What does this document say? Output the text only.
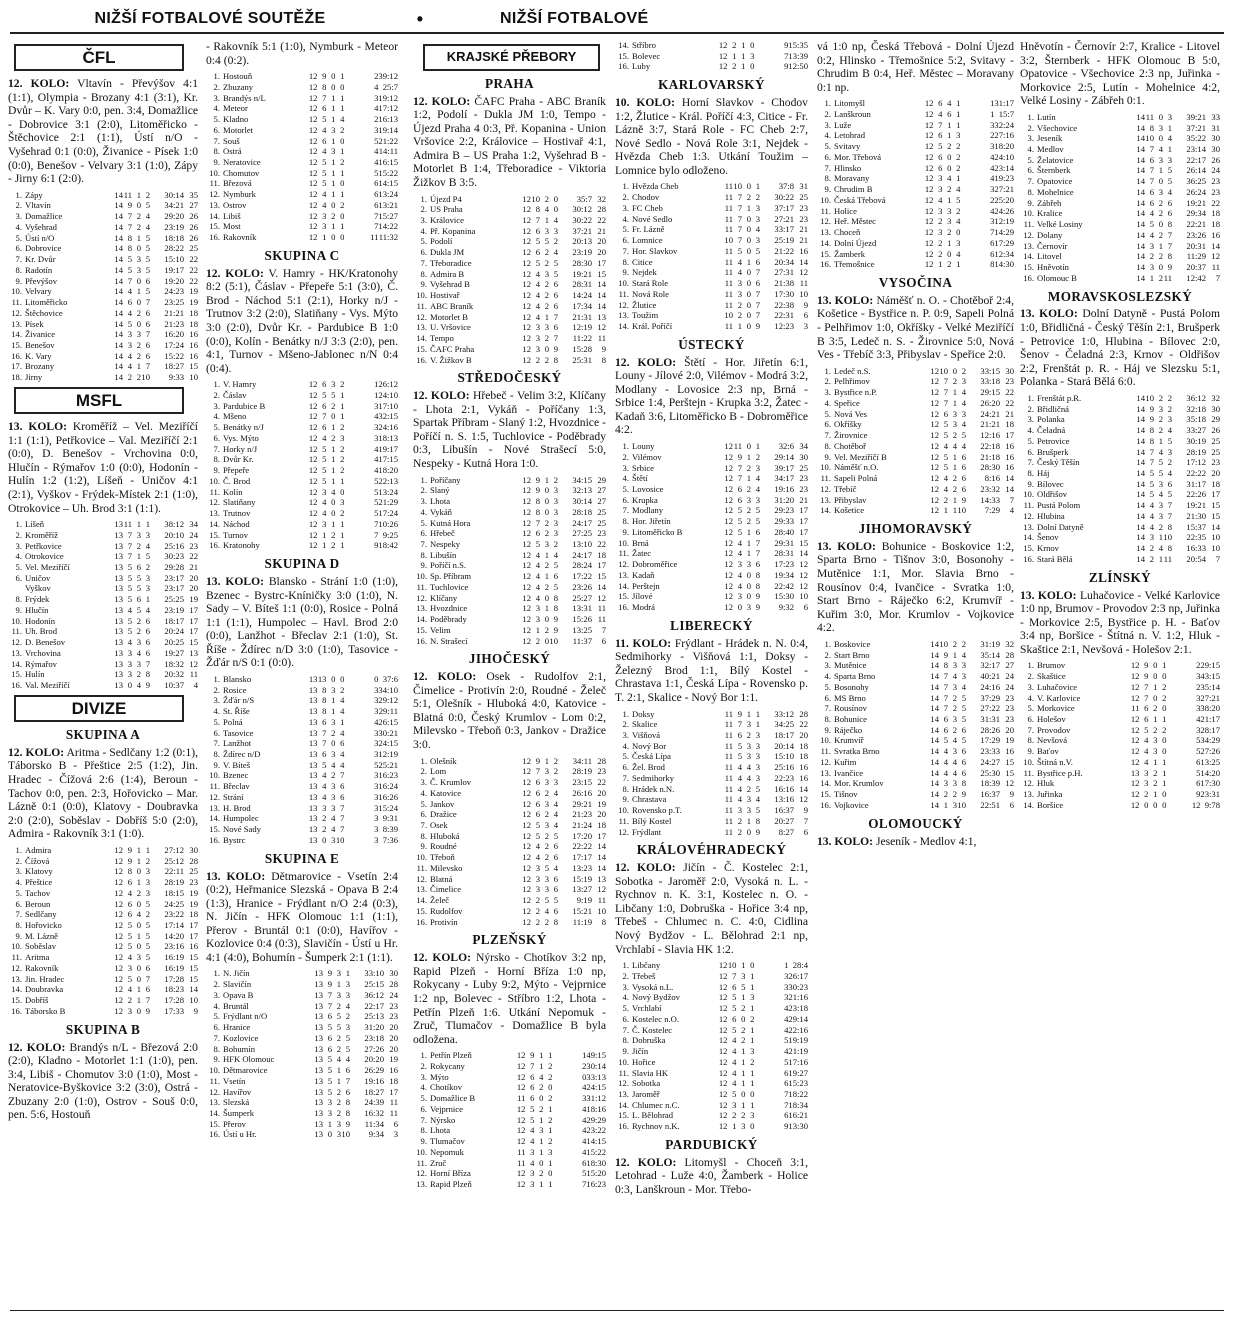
NIŽŠÍ FOTBALOVÉ SOUTĚŽE	•	NIŽŠÍ FOTBALOVÉ
ČFL

12. KOLO: Vltavín - Převýšov 4:1 (1:1), Olympia - Brozany 4:1 (3:1), Kr. Dvůr – K. Vary 0:0, pen. 3:4, Domažlice - Dobrovice 3:1 (2:0), Litoměřicko - Štěchovice 2:1 (1:1), Ústí n/O - Vyšehrad 0:1 (0:0), Živanice - Písek 1:0 (0:0), Benešov - Velvary 3:1 (1:0), Zápy - Jirny 6:1 (2:0).

1.	Zápy	14	11	1	2	30:14	35
2.	Vltavín	14	9	0	5	34:21	27
3.	Domažlice	14	7	2	4	29:20	26
4.	Vyšehrad	14	7	2	4	23:19	26
5.	Ústí n/O	14	8	1	5	18:18	26
6.	Dobrovice	14	8	0	5	28:22	25
7.	Kr. Dvůr	14	5	3	5	15:10	22
8.	Radotín	14	5	3	5	19:17	22
9.	Převýšov	14	7	0	6	19:20	22
10.	Velvary	14	4	1	5	24:23	19
11.	Litoměřicko	14	6	0	7	23:25	19
12.	Štěchovice	14	4	2	6	21:21	18
13.	Písek	14	5	0	6	21:23	18
14.	Živanice	14	3	3	7	16:20	16
15.	Benešov	14	3	2	6	17:24	16
16.	K. Vary	14	4	2	6	15:22	16
17.	Brozany	14	4	1	7	18:27	15
18.	Jirny	14	2	2	10	9:33	10
MSFL

13. KOLO: Kroměříž – Vel. Meziříčí 1:1 (1:1), Petřkovice – Val. Meziříčí 2:1 (0:0), D. Benešov - Vrchovina 0:0, Hlučín - Rýmařov 1:0 (0:0), Hodonín - Hulín 1:2 (1:2), Líšeň - Uničov 4:1 (2:1), Vyškov - Frýdek-Místek 2:1 (1:0), Otrokovice – Uh. Brod 3:1 (1:1).

1.	Líšeň	13	11	1	1	38:12	34
2.	Kroměříž	13	7	3	3	20:10	24
3.	Petřkovice	13	7	2	4	25:16	23
4.	Otrokovice	13	7	1	5	30:23	22
5.	Vel. Meziříčí	13	5	6	2	29:28	21
6.	Uničov	13	5	5	3	23:17	20
	Vyškov	13	5	5	3	23:17	20
8.	Frýdek	13	5	6	1	25:25	19
9.	Hlučín	13	4	5	4	23:19	17
10.	Hodonín	13	5	2	6	18:17	17
11.	Uh. Brod	13	5	2	6	20:24	17
12.	D. Benešov	13	4	3	6	20:25	15
13.	Vrchovina	13	3	4	6	19:27	13
14.	Rýmařov	13	3	3	7	18:32	12
15.	Hulín	13	3	2	8	20:32	11
16.	Val. Meziříčí	13	0	4	9	10:37	4
DIVIZE
SKUPINA A

12. KOLO: Aritma - Sedlčany 1:2 (0:1), Táborsko B - Přeštice 2:5 (1:2), Jin. Hradec - Čížová 2:6 (1:4), Beroun - Tachov 0:0, pen. 2:3, Hořovicko – Mar. Lázně 0:1 (0:0), Klatovy - Doubravka 2:0 (2:0), Soběslav - Dobříš 5:0 (2:0), Admira - Rakovník 3:1 (1:0).

1.	Admira	12	9	1	1	27:12	30
2.	Čížová	12	9	1	2	25:12	28
3.	Klatovy	12	8	0	3	22:11	25
4.	Přeštice	12	6	1	3	28:19	23
5.	Tachov	12	4	2	3	18:15	19
6.	Beroun	12	6	0	5	24:25	19
7.	Sedlčany	12	6	4	2	23:22	18
8.	Hořovicko	12	5	0	5	17:14	17
9.	M. Lázně	12	5	1	5	14:20	17
10.	Soběslav	12	5	0	5	23:16	16
11.	Aritma	12	4	3	5	16:19	15
12.	Rakovník	12	3	0	6	16:19	15
13.	Jin. Hradec	12	5	0	7	17:28	15
14.	Doubravka	12	4	1	6	18:23	14
15.	Dobříš	12	2	1	7	17:28	10
16.	Táborsko B	12	3	0	9	17:33	9
SKUPINA B

12. KOLO: Brandýs n/L - Březová 2:0 (2:0), Kladno - Motorlet 1:1 (1:0), pen. 3:4, Libiš - Chomutov 3:0 (1:0), Most - Neratovice-Byškovice 3:2 (3:0), Ostrá - Zbuzany 2:0 (1:0), Ostrov - Souš 0:0, pen. 5:6, Hostouň

- Rakovník 5:1 (1:0), Nymburk - Meteor 0:4 (0:2).

1.	Hostouň	12	9	0	1	2	39:12
2.	Zbuzany	12	8	0	0	4	25:7
3.	Brandýs n/L	12	7	1	1	3	19:12
4.	Meteor	12	6	1	1	4	17:12
5.	Kladno	12	5	1	4	2	16:13
6.	Motorlet	12	4	3	2	3	19:14
7.	Souš	12	6	1	0	5	21:22
8.	Ostrá	12	4	3	1	4	14:11
9.	Neratovice	12	5	1	2	4	16:15
10.	Chomutov	12	5	1	1	5	15:22
11.	Březová	12	5	1	0	6	14:15
12.	Nymburk	12	4	1	1	6	13:24
13.	Ostrov	12	4	0	2	6	13:21
14.	Libiš	12	3	2	0	7	15:27
15.	Most	12	3	1	1	7	14:22
16.	Rakovník	12	1	0	0	11	11:32
SKUPINA C

12. KOLO: V. Hamry - HK/Kratonohy 8:2 (5:1), Čáslav - Přepeře 5:1 (3:0), Č. Brod - Náchod 5:1 (2:1), Horky n/J - Trutnov 3:2 (2:0), Slatiňany - Vys. Mýto 3:0 (2:0), Dvůr Kr. - Pardubice B 1:0 (0:0), Kolín - Benátky n/J 3:3 (2:0), pen. 4:1, Turnov - Mšeno-Jablonec n/N 0:4 (0:4).

1.	V. Hamry	12	6	3	2	1	26:12
2.	Čáslav	12	5	5	1	1	24:10
3.	Pardubice B	12	6	2	1	3	17:10
4.	Mšeno	12	7	0	1	4	32:15
5.	Benátky n/J	12	6	1	2	3	24:16
6.	Vys. Mýto	12	4	2	3	3	18:13
7.	Horky n/J	12	5	1	2	4	19:17
8.	Dvůr Kr.	12	5	1	2	4	17:15
9.	Přepeře	12	5	1	2	4	18:20
10.	Č. Brod	12	5	1	1	5	22:13
11.	Kolín	12	3	4	0	5	13:24
12.	Slatiňany	12	4	0	3	5	21:29
13.	Trutnov	12	4	0	2	5	17:24
14.	Náchod	12	3	1	1	7	10:26
15.	Turnov	12	1	2	1	7	9:25
16.	Kratonohy	12	1	2	1	9	18:42
SKUPINA D

13. KOLO: Blansko - Strání 1:0 (1:0), Bzenec - Bystrc-Kníničky 3:0 (1:0), N. Sady – V. Bíteš 1:1 (0:0), Rosice - Polná 1:1 (1:1), Humpolec – Havl. Brod 2:0 (0:0), Lanžhot - Břeclav 2:1 (1:0), St. Říše - Ždírec n/D 3:0 (1:0), Tasovice - Žďár n/S 0:1 (0:0).

1.	Blansko	13	13	0	0	0	37:6
2.	Rosice	13	8	3	2	3	34:10
3.	Žďár n/S	13	8	1	4	3	29:12
4.	St. Říše	13	8	1	4	3	29:11
5.	Polná	13	6	3	1	4	26:15
6.	Tasovice	13	7	2	4	3	30:21
7.	Lanžhot	13	7	0	6	3	24:15
8.	Ždírec n/D	13	6	3	4	3	12:19
9.	V. Bíteš	13	5	4	4	5	25:21
10.	Bzenec	13	4	2	7	3	16:23
11.	Břeclav	13	4	3	6	3	16:24
12.	Strání	13	4	3	6	3	16:26
13.	H. Brod	13	3	3	7	3	15:24
14.	Humpolec	13	2	4	7	3	9:31
15.	Nové Sady	13	2	4	7	3	8:39
16.	Bystrc	13	0	3	10	3	7:36
SKUPINA E

13. KOLO: Dětmarovice - Vsetín 2:4 (0:2), Heřmanice Slezská - Opava B 2:4 (1:3), Hranice - Frýdlant n/O 2:4 (0:3), N. Jičín - HFK Olomouc 1:1 (1:1), Přerov - Bruntál 0:1 (0:0), Havířov - Kozlovice 0:4 (0:3), Slavičín - Ústí u Hr. 4:1 (4:0), Bohumín - Šumperk 2:1 (1:1).

1.	N. Jičín	13	9	3	1	33:10	30
2.	Slavičín	13	9	1	3	25:15	28
3.	Opava B	13	7	3	3	36:12	24
4.	Bruntál	13	7	2	4	22:17	23
5.	Frýdlant n/O	13	6	5	2	25:13	23
6.	Hranice	13	5	5	3	31:20	20
7.	Kozlovice	13	6	2	5	23:18	20
8.	Bohumín	13	6	2	5	27:26	20
9.	HFK Olomouc	13	5	4	4	20:20	19
10.	Dětmarovice	13	5	1	6	26:29	16
11.	Vsetín	13	5	1	7	19:16	18
12.	Havířov	13	5	2	6	18:27	17
13.	Slezská	13	3	2	8	24:39	11
14.	Šumperk	13	3	2	8	16:32	11
15.	Přerov	13	1	3	9	11:34	6
16.	Ústí u Hr.	13	0	3	10	9:34	3
KRAJSKÉ PŘEBORY
PRAHA

12. KOLO: ČAFC Praha - ABC Braník 1:2, Podolí - Dukla JM 1:0, Tempo - Újezd Praha 4 0:3, Př. Kopanina - Union Vršovice 2:2, Královice – Hostivař 4:1, Admira B – US Praha 1:2, Vyšehrad B - Motorlet B 1:4, Třeboradice - Viktoria Žižkov B 3:5.

1.	Újezd P4	12	10	2	0	35:7	32
2.	US Praha	12	8	4	0	30:12	28
3.	Královice	12	7	1	4	30:22	22
4.	Př. Kopanina	12	6	3	3	37:21	21
5.	Podolí	12	5	5	2	20:13	20
6.	Dukla JM	12	6	2	4	23:19	20
7.	Třeboradice	12	5	2	5	28:30	17
8.	Admira B	12	4	3	5	19:21	15
9.	Vyšehrad B	12	4	2	6	28:31	14
10.	Hostivař	12	4	2	6	14:24	14
11.	ABC Braník	12	4	2	6	17:34	14
12.	Motorlet B	12	4	1	7	21:31	13
13.	U. Vršovice	12	3	3	6	12:19	12
14.	Tempo	12	3	2	7	11:22	11
15.	ČAFC Praha	12	3	0	9	15:28	9
16.	V. Žižkov B	12	2	2	8	25:31	8
STŘEDOČESKÝ

12. KOLO: Hřebeč - Velim 3:2, Klíčany - Lhota 2:1, Vykáň - Poříčany 1:3, Spartak Příbram - Slaný 1:2, Hvozdnice - Poříčí n. S. 1:5, Tuchlovice - Poděbrady 0:3, Libušín - Nové Strašecí 5:0, Nespeky - Kutná Hora 1:0.

1.	Poříčany	12	9	1	2	34:15	29
2.	Slaný	12	9	0	3	32:13	27
3.	Lhota	12	8	0	3	30:14	27
4.	Vykáň	12	8	0	3	28:18	25
5.	Kutná Hora	12	7	2	3	24:17	25
6.	Hřebeč	12	6	2	3	27:25	23
7.	Nespeky	12	5	3	2	13:10	22
8.	Libušín	12	4	1	4	24:17	18
9.	Poříčí n.S.	12	4	2	5	28:24	17
10.	Sp. Příbram	12	4	1	6	17:22	15
11.	Tuchlovice	12	4	2	5	23:26	14
12.	Klíčany	12	4	0	8	25:27	12
13.	Hvozdnice	12	3	1	8	13:31	11
14.	Poděbrady	12	3	0	9	15:26	11
15.	Velim	12	1	2	9	13:25	7
16.	N. Strašecí	12	2	0	10	11:37	6
JIHOČESKÝ

12. KOLO: Osek - Rudolfov 2:1, Čimelice - Protivín 2:0, Roudné - Želeč 5:1, Olešník - Hluboká 4:0, Katovice - Blatná 0:0, Český Krumlov - Lom 0:2, Milevsko - Třeboň 0:3, Jankov - Dražice 3:0.

1.	Olešník	12	9	1	2	34:11	28
2.	Lom	12	7	3	2	28:19	23
3.	Č. Krumlov	12	6	3	3	23:15	22
4.	Katovice	12	6	2	4	26:16	20
5.	Jankov	12	6	3	4	29:21	19
6.	Dražice	12	6	2	4	21:23	20
7.	Osek	12	5	3	4	21:24	18
8.	Hluboká	12	5	2	5	17:20	17
9.	Roudné	12	4	2	6	22:22	14
10.	Třeboň	12	4	2	6	17:17	14
11.	Milevsko	12	3	5	4	13:23	14
12.	Blatná	12	3	3	6	15:19	13
13.	Čimelice	12	3	3	6	13:27	12
14.	Želeč	12	2	5	5	9:19	11
15.	Rudolfov	12	2	4	6	15:21	10
16.	Protivín	12	2	2	8	11:19	8
PLZEŇSKÝ

12. KOLO: Nýrsko - Chotíkov 3:2 np, Rapid Plzeň - Horní Bříza 1:0 np, Rokycany - Luby 9:2, Mýto - Vejprnice 1:2 np, Bolevec - Stříbro 1:2, Lhota - Petřín Plzeň 1:6. Utkání Nepomuk - Zruč, Tlumačov - Domažlice B byla odložena.

1.	Petřín Plzeň	12	9	1	1	1	49:15
2.	Rokycany	12	7	1	2	2	30:14
3.	Mýto	12	6	4	2	0	33:13
4.	Chotíkov	12	6	2	0	4	24:15
5.	Domažlice B	11	6	0	2	3	31:12
6.	Vejprnice	12	5	2	1	4	18:16
7.	Nýrsko	12	5	1	2	4	29:29
8.	Lhota	12	4	3	1	4	23:22
9.	Tlumačov	12	4	1	2	4	14:15
10.	Nepomuk	11	3	1	3	4	15:22
11.	Zruč	11	4	0	1	6	18:30
12.	Horní Bříza	12	3	2	0	5	15:20
13.	Rapid Plzeň	12	3	1	1	7	16:23
14.	Stříbro	12	2	1	0	9	15:35
15.	Bolevec	12	1	1	3	7	13:39
16.	Luby	12	2	1	0	9	12:50
KARLOVARSKÝ

10. KOLO: Horní Slavkov - Chodov 1:2, Žlutice - Král. Poříčí 4:3, Citice - Fr. Lázně 3:7, Stará Role - FC Cheb 2:7, Nové Sedlo - Nová Role 3:1, Nejdek - Hvězda Cheb 1:3. Utkání Toužim – Lomnice bylo odloženo.

1.	Hvězda Cheb	11	10	0	1	37:8	31
2.	Chodov	11	7	2	2	30:22	25
3.	FC Cheb	11	7	1	3	37:17	23
4.	Nové Sedlo	11	7	0	3	27:21	23
5.	Fr. Lázně	11	7	0	4	33:17	21
6.	Lomnice	10	7	0	3	25:19	21
7.	Hor. Slavkov	11	5	0	5	21:22	16
8.	Citice	11	4	1	6	20:34	14
9.	Nejdek	11	4	0	7	27:31	12
10.	Stará Role	11	3	0	6	21:38	11
11.	Nová Role	11	3	0	7	17:30	10
12.	Žlutice	11	2	0	7	22:38	9
13.	Toužim	10	2	0	7	22:31	6
14.	Král. Poříčí	11	1	0	9	12:23	3
ÚSTECKÝ

12. KOLO: Štětí - Hor. Jiřetín 6:1, Louny - Jílové 2:0, Vilémov - Modrá 3:2, Modlany - Lovosice 2:3 np, Brná - Srbice 1:4, Perštejn - Krupka 3:2, Žatec - Kadaň 3:6, Litoměřicko B - Dobroměřice 4:2.

1.	Louny	12	11	0	1	32:6	34
2.	Vilémov	12	9	1	2	29:14	30
3.	Srbice	12	7	2	3	39:17	25
4.	Štětí	12	7	1	4	34:17	23
5.	Lovosice	12	6	2	4	19:16	23
6.	Krupka	12	6	3	3	31:20	21
7.	Modlany	12	5	2	5	29:23	17
8.	Hor. Jiřetín	12	5	2	5	29:33	17
9.	Litoměřicko B	12	5	1	6	28:40	17
10.	Brná	12	4	1	7	29:31	15
11.	Žatec	12	4	1	7	28:31	14
12.	Dobroměřice	12	3	3	6	17:23	12
13.	Kadaň	12	4	0	8	19:34	12
14.	Perštejn	12	4	0	8	22:42	12
15.	Jílové	12	3	0	9	15:30	10
16.	Modrá	12	0	3	9	9:32	6
LIBERECKÝ

11. KOLO: Frýdlant - Hrádek n. N. 0:4, Sedmihorky - Višňová 1:1, Doksy - Železný Brod 1:1, Bílý Kostel - Chrastava 1:1, Česká Lípa - Rovensko p. T. 2:1, Skalice - Nový Bor 1:1.

1.	Doksy	11	9	1	1	33:12	28
2.	Skalice	11	7	3	1	34:25	22
3.	Višňová	11	6	2	3	18:17	20
4.	Nový Bor	11	5	3	3	20:14	18
5.	Česká Lípa	11	5	3	3	15:10	18
6.	Žel. Brod	11	4	4	3	25:16	16
7.	Sedmihorky	11	4	4	3	22:23	16
8.	Hrádek n.N.	11	4	2	5	16:16	14
9.	Chrastava	11	4	3	4	13:16	12
10.	Rovensko p.T.	11	3	3	5	16:37	9
11.	Bílý Kostel	11	2	1	8	20:27	7
12.	Frýdlant	11	2	0	9	8:27	6
KRÁLOVÉHRADECKÝ

12. KOLO: Jičín - Č. Kostelec 2:1, Sobotka - Jaroměř 2:0, Vysoká n. L. - Rychnov n. K. 3:1, Kostelec n. O. - Libčany 1:0, Dobruška - Hořice 3:4 np, Třebeš - Chlumec n. C. 4:0, Cidlina Nový Bydžov - L. Bělohrad 2:1 np, Vrchlabí - Slavia HK 1:2.

1.	Libčany	12	10	1	0	1	28:4
2.	Třebeš	12	7	3	1	3	26:17
3.	Vysoká n.L.	12	6	5	1	3	30:23
4.	Nový Bydžov	12	5	1	3	3	21:16
5.	Vrchlabí	12	5	2	1	4	23:18
6.	Kostelec n.O.	12	6	0	2	4	29:14
7.	Č. Kostelec	12	5	2	1	4	22:16
8.	Dobruška	12	4	2	1	5	19:19
9.	Jičín	12	4	1	3	4	21:19
10.	Hořice	12	4	1	2	5	17:16
11.	Slavia HK	12	4	1	1	6	19:27
12.	Sobotka	12	4	1	1	6	15:23
13.	Jaroměř	12	5	0	0	7	18:22
14.	Chlumec n.C.	12	3	1	1	7	18:34
15.	L. Bělohrad	12	2	2	3	6	16:21
16.	Rychnov n.K.	12	1	3	0	9	13:30
PARDUBICKÝ

12. KOLO: Litomyšl - Choceň 3:1, Letohrad - Luže 4:0, Žamberk - Holice 0:3, Lanškroun - Mor. Třebo-

vá 1:0 np, Česká Třebová - Dolní Újezd 0:2, Hlinsko - Třemošnice 5:2, Svitavy - Chrudim B 0:4, Heř. Městec – Moravany 0:1 np.

1.	Litomyšl	12	6	4	1	1	31:17
2.	Lanškroun	12	4	6	1	1	15:7
3.	Luže	12	7	1	1	3	32:24
4.	Letohrad	12	6	1	3	2	27:16
5.	Svitavy	12	5	2	2	3	18:20
6.	Mor. Třebová	12	6	0	2	4	24:10
7.	Hlinsko	12	6	0	2	4	23:14
8.	Moravany	12	3	4	1	4	19:23
9.	Chrudim B	12	3	2	4	3	27:21
10.	Česká Třebová	12	4	1	5	2	25:20
11.	Holice	12	3	3	2	4	24:26
12.	Heř. Městec	12	2	3	4	3	12:19
13.	Choceň	12	3	2	0	7	14:29
14.	Dolní Újezd	12	2	1	3	6	17:29
15.	Žamberk	12	2	0	4	6	12:34
16.	Třemošnice	12	1	2	1	8	14:30
VYSOČINA

13. KOLO: Náměšť n. O. - Chotěboř 2:4, Košetice - Bystřice n. P. 0:9, Sapeli Polná - Pelhřimov 1:0, Okříšky - Velké Meziříčí B 3:5, Ledeč n. S. - Žirovnice 5:0, Nová Ves - Třebíč 3:3, Přibyslav - Speřice 2:0.

1.	Ledeč n.S.	12	10	0	2	33:15	30
2.	Pelhřimov	12	7	2	3	33:18	23
3.	Bystřice n.P.	12	7	1	4	29:15	22
4.	Speřice	12	7	1	4	26:20	22
5.	Nová Ves	12	6	3	3	24:21	21
6.	Okříšky	12	5	3	4	21:21	18
7.	Žirovnice	12	5	2	5	12:16	17
8.	Chotěboř	12	4	4	4	22:18	16
9.	Vel. Meziříčí B	12	5	1	6	21:18	16
10.	Náměšť n.O.	12	5	1	6	28:30	16
11.	Sapeli Polná	12	4	2	6	8:16	14
12.	Třebíč	12	4	2	6	23:32	14
13.	Přibyslav	12	2	1	9	14:33	7
14.	Košetice	12	1	1	10	7:29	4
JIHOMORAVSKÝ

13. KOLO: Bohunice - Boskovice 1:2, Sparta Brno - Tišnov 3:0, Bosonohy - Mutěnice 1:1, Mor. Slavia Brno - Rousínov 0:4, Ivančice - Svratka 1:0, Start Brno - Ráječko 6:2, Krumvíř - Kuřim 3:0, Mor. Krumlov - Vojkovice 4:2.

1.	Boskovice	14	10	2	2	31:19	32
2.	Start Brno	14	9	1	4	35:14	28
3.	Mutěnice	14	8	3	3	32:17	27
4.	Sparta Brno	14	7	4	3	40:21	24
5.	Bosonohy	14	7	3	4	24:16	24
6.	MS Brno	14	7	2	5	37:29	23
7.	Rousínov	14	7	2	5	27:22	23
8.	Bohunice	14	6	3	5	31:31	23
9.	Ráječko	14	6	2	6	28:26	20
10.	Krumvíř	14	5	4	5	17:29	19
11.	Svratka Brno	14	4	3	6	23:33	16
12.	Kuřim	14	4	4	6	24:27	15
13.	Ivančice	14	4	4	6	25:30	15
14.	Mor. Krumlov	14	3	3	8	18:39	12
15.	Tišnov	14	2	2	9	16:37	9
16.	Vojkovice	14	1	3	10	22:51	6
OLOMOUCKÝ

13. KOLO: Jeseník - Medlov 4:1,

Hněvotín - Černovír 2:7, Kralice - Litovel 3:2, Šternberk - HFK Olomouc B 5:0, Opatovice - Všechovice 2:3 np, Juřinka - Morkovice 2:5, Lutín - Mohelnice 4:2, Velké Losiny - Zábřeh 0:1.

1.	Lutín	14	11	0	3	39:21	33
2.	Všechovice	14	8	3	1	37:21	31
3.	Jeseník	14	10	0	4	35:22	30
4.	Medlov	14	7	4	1	23:14	30
5.	Želatovice	14	6	3	3	22:17	26
6.	Šternberk	14	7	1	5	26:14	24
7.	Opatovice	14	7	0	5	36:25	23
8.	Mohelnice	14	6	3	4	26:24	23
9.	Zábřeh	14	6	2	6	19:21	22
10.	Kralice	14	4	2	6	29:34	18
11.	Velké Losiny	14	5	0	8	22:21	18
12.	Dolany	14	4	2	7	23:26	16
13.	Černovír	14	3	1	7	20:31	14
14.	Litovel	14	2	2	8	11:29	12
15.	Hněvotín	14	3	0	9	20:37	11
16.	Olomouc B	14	1	2	11	12:42	7
MORAVSKOSLEZSKÝ

13. KOLO: Dolní Datyně - Pustá Polom 1:0, Břidličná - Český Těšín 2:1, Brušperk - Petrovice 1:0, Hlubina - Bílovec 2:0, Šenov - Čeladná 2:3, Krnov - Oldřišov 2:2, Frenštát p. R. - Háj ve Slezsku 5:1, Polanka - Stará Bělá 6:0.

1.	Frenštát p.R.	14	10	2	2	36:12	32
2.	Břidličná	14	9	3	2	32:18	30
3.	Polanka	14	9	2	3	35:18	29
4.	Čeladná	14	8	2	4	33:27	26
5.	Petrovice	14	8	1	5	30:19	25
6.	Brušperk	14	7	4	3	28:19	25
7.	Český Těšín	14	7	5	2	17:12	23
8.	Háj	14	5	5	4	22:22	20
9.	Bílovec	14	5	3	6	31:17	18
10.	Oldřišov	14	5	4	5	22:26	17
11.	Pustá Polom	14	4	3	7	19:21	15
12.	Hlubina	14	4	3	7	21:30	15
13.	Dolní Datyně	14	4	2	8	15:37	14
14.	Šenov	14	3	1	10	22:35	10
15.	Krnov	14	2	4	8	16:33	10
16.	Stará Bělá	14	2	1	11	20:54	7
ZLÍNSKÝ

13. KOLO: Luhačovice - Velké Karlovice 1:0 np, Brumov - Provodov 2:3 np, Juřinka - Morkovice 2:5, Bystřice p. H. - Baťov 3:4 np, Boršice - Štítná n. V. 1:2, Hluk - Skaštice 2:1, Nevšová - Holešov 2:1.

1.	Brumov	12	9	0	1	2	29:15
2.	Skaštice	12	9	0	0	3	43:15
3.	Luhačovice	12	7	1	2	2	35:14
4.	V. Karlovice	12	7	0	2	3	27:21
5.	Morkovice	11	6	2	0	3	38:20
6.	Holešov	12	6	1	1	4	21:17
7.	Provodov	12	5	2	2	3	28:17
8.	Nevšová	12	4	3	0	5	34:29
9.	Baťov	12	4	3	0	5	27:26
10.	Štítná n.V.	12	4	1	1	6	13:25
11.	Bystřice p.H.	13	3	2	1	5	14:20
12.	Hluk	12	3	2	1	6	17:30
13.	Juřinka	12	2	1	0	9	23:31
14.	Boršice	12	0	0	0	12	9:78
